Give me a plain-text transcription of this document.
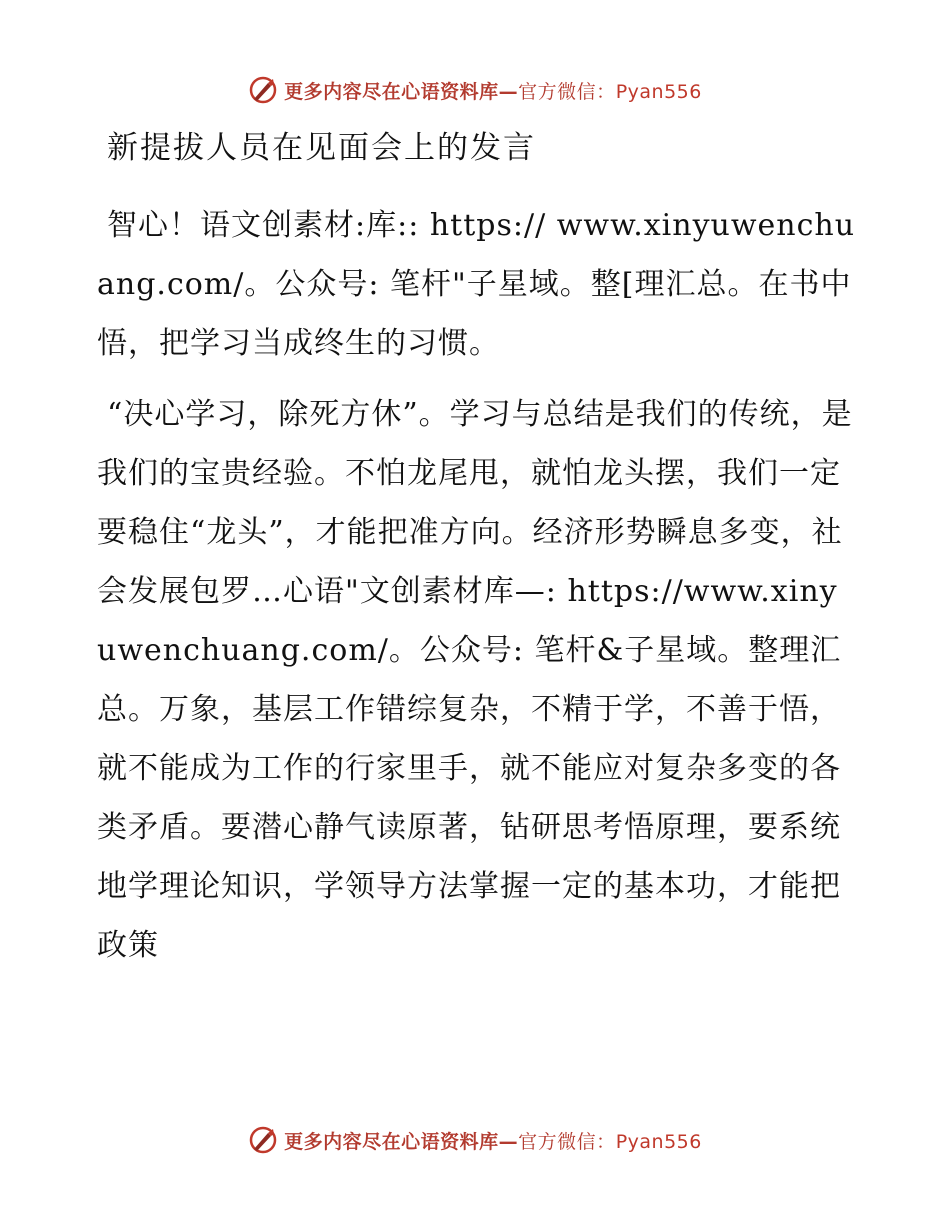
更多内容尽在心语资料库—官方微信：Pyan556
新提拔人员在见面会上的发言

智心！语文创素材:库:: https:// www.xinyuwenchuang.com/。公众号: 笔杆"子星域。整[理汇总。在书中悟，把学习当成终生的习惯。

“决心学习，除死方休”。学习与总结是我们的传统，是我们的宝贵经验。不怕龙尾甩，就怕龙头摆，我们一定要稳住“龙头”，才能把准方向。经济形势瞬息多变，社会发展包罗…心语"文创素材库—: https://www.xinyuwenchuang.com/。公众号: 笔杆&子星域。整理汇总。万象，基层工作错综复杂，不精于学，不善于悟，就不能成为工作的行家里手，就不能应对复杂多变的各类矛盾。要潜心静气读原著，钻研思考悟原理，要系统地学理论知识，学领导方法掌握一定的基本功，才能把政策

更多内容尽在心语资料库—官方微信：Pyan556
